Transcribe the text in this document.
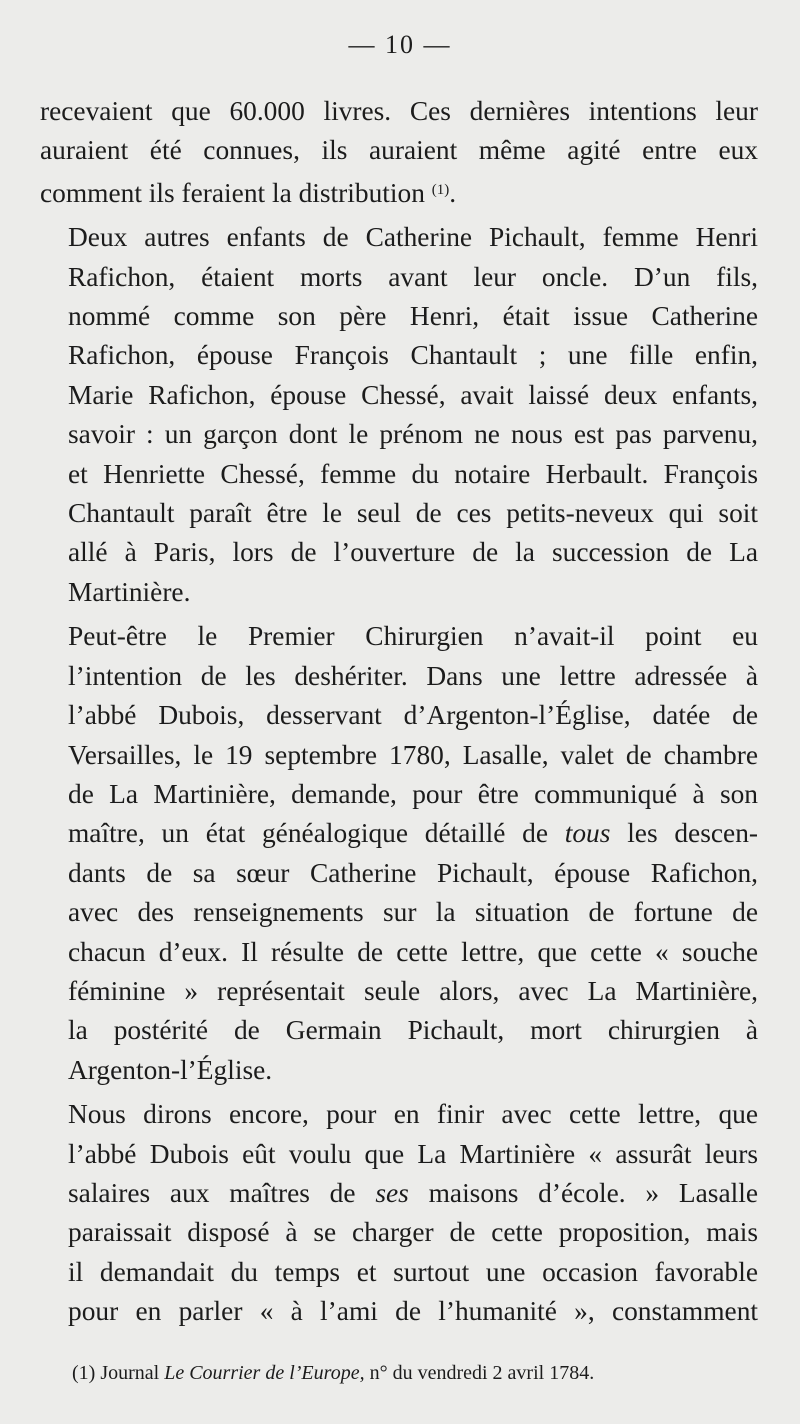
— 10 —

recevaient que 60.000 livres. Ces dernières intentions leur
auraient été connues, ils auraient même agité entre eux
comment ils feraient la distribution $^{(1)}$.

Deux autres enfants de Catherine Pichault, femme Henri
Rafichon, étaient morts avant leur oncle. D’un fils,
nommé comme son père Henri, était issue Catherine
Rafichon, épouse François Chantault ; une fille enfin,
Marie Rafichon, épouse Chessé, avait laissé deux enfants,
savoir : un garçon dont le prénom ne nous est pas parvenu,
et Henriette Chessé, femme du notaire Herbault. François
Chantault paraît être le seul de ces petits-neveux qui soit
allé à Paris, lors de l’ouverture de la succession de La
Martinière.

Peut-être le Premier Chirurgien n’avait-il point eu
l’intention de les deshériter. Dans une lettre adressée à
l’abbé Dubois, desservant d’Argenton-l’Église, datée de
Versailles, le 19 septembre 1780, Lasalle, valet de chambre
de La Martinière, demande, pour être communiqué à son
maître, un état généalogique détaillé de tous les descen-
dants de sa sœur Catherine Pichault, épouse Rafichon,
avec des renseignements sur la situation de fortune de
chacun d’eux. Il résulte de cette lettre, que cette « souche
féminine » représentait seule alors, avec La Martinière,
la postérité de Germain Pichault, mort chirurgien à
Argenton-l’Église.

Nous dirons encore, pour en finir avec cette lettre, que
l’abbé Dubois eût voulu que La Martinière « assurât leurs
salaires aux maîtres de ses maisons d’école. » Lasalle
paraissait disposé à se charger de cette proposition, mais
il demandait du temps et surtout une occasion favorable
pour en parler « à l’ami de l’humanité », constamment

(1) Journal Le Courrier de l’Europe, n° du vendredi 2 avril 1784.
